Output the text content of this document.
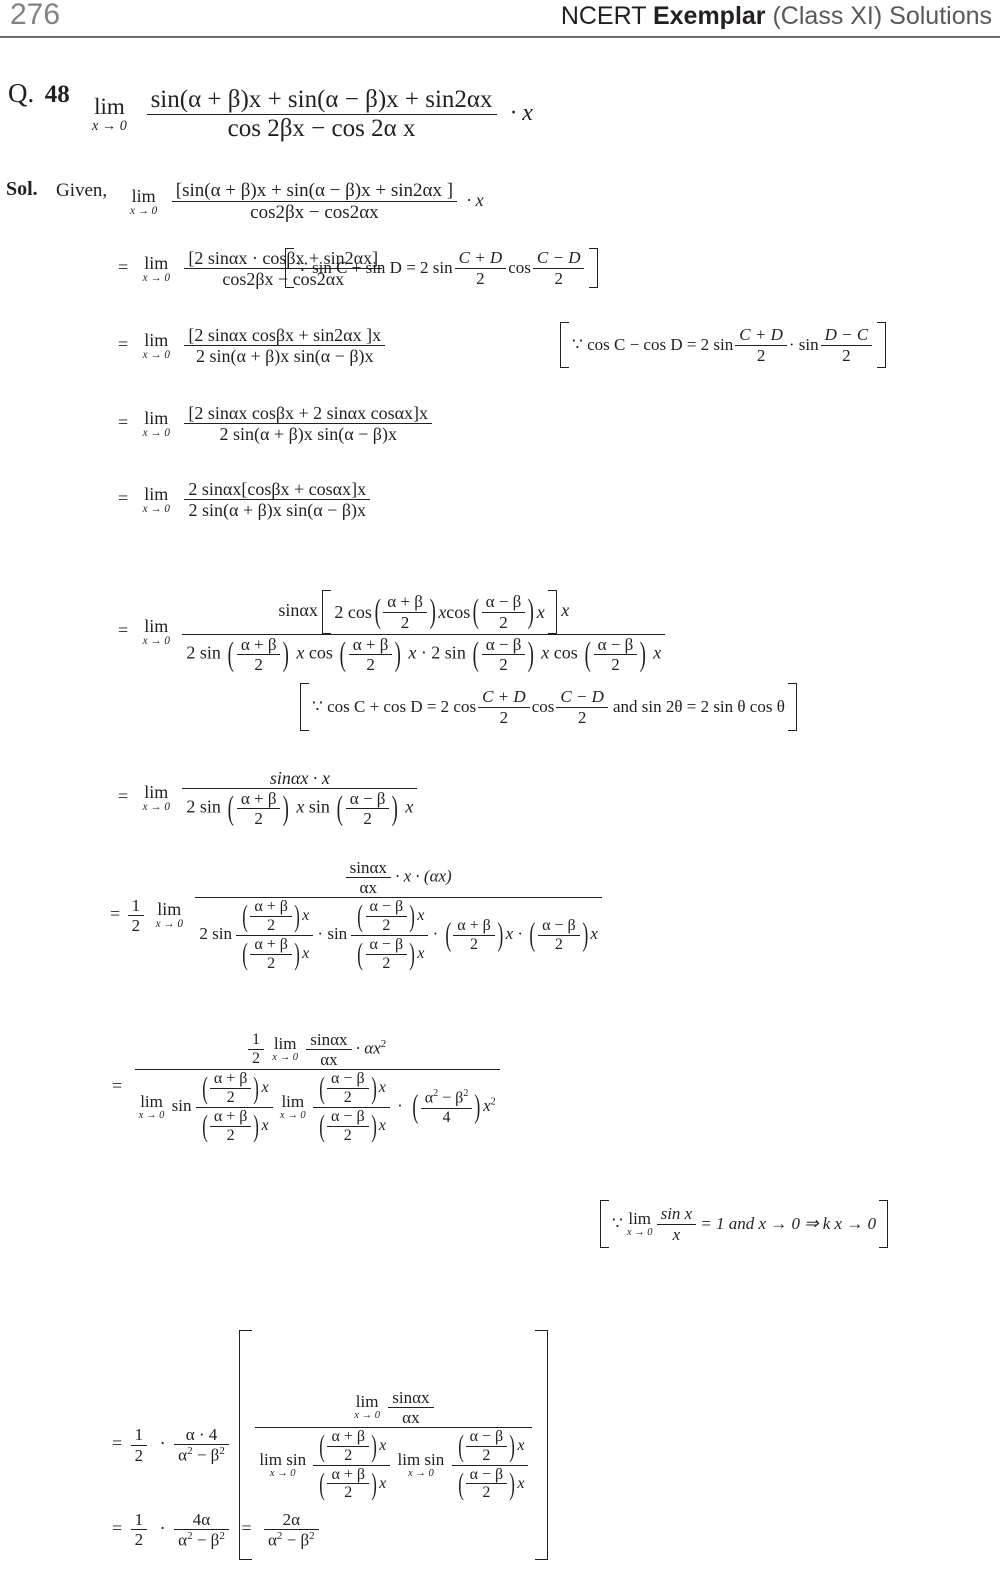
276	NCERT Exemplar (Class XI) Solutions
Q. 48 lim
x → 0
$\frac{\sin(\alpha + \beta)x + \sin(\alpha - \beta)x + \sin 2\alpha x}{\text{cos 2βx − cos 2α x}} \cdot x$
Sol. Given, lim
x → 0
$\frac{[\sin(\alpha + \beta)x + \sin(\alpha - \beta)x + \sin 2\alpha x ]}{\cos 2\beta x - \cos 2\alpha x} \cdot x$
= lim
x → 0
$\frac{[2 \sin\alpha x \cdot \cos\beta x + \sin 2\alpha x]}{\cos 2\beta x - \cos 2\alpha x}$
∵ sin C + sin D = 2 $\sin \frac{C + D}{2}$ $\cos \frac{C - D}{2}$
= lim
x → 0
$\frac{\text{[2 sinαx cosβx + sin2αx ]x}}{\text{2 sin(α + β)x sin(α − β)x}}$	∵ cos C − cos D = 2 $\sin \frac{C + D}{2} \cdot \sin \frac{D - C}{2}$
= lim
x → 0
$\frac{\text{[2 sinαx cosβx + 2 sinαx cosαx]x}}{\text{2 sin(α + β)x sin(α − β)x}}$
= lim
x → 0
$\frac{2 \sin\alpha x[\cos\beta x + \cos\alpha x]x}{\text{2 sin(α + β)x sin(α − β)x}}$
= lim
x → 0

sinαx 2 cos ( $\frac{\alpha + \beta}{2}$ ) x cos ( $\frac{\alpha - \beta}{2}$ ) x x
2 sin ( $\frac{\alpha + \beta}{2}$ ) x cos ( $\frac{\alpha + \beta}{2}$ ) x · 2 sin ( $\frac{\alpha - \beta}{2}$ ) x cos ( $\frac{\alpha - \beta}{2}$ ) x
∵ cos C + cos D = 2 $\cos \frac{C + D}{2}$ $\cos \frac{C - D}{2}$ and sin 2θ = 2 sin θ cos θ
= lim
x → 0

sinαx · x
2 sin ( $\frac{\alpha + \beta}{2}$ ) x sin ( $\frac{\alpha - \beta}{2}$ ) x
= $\frac{1}{2}$ lim
x → 0

$\frac{\sin\alpha x}{\alpha x} \cdot x \cdot (\alpha x)$
2 sin
( $\frac{\alpha + \beta}{2}$ ) x
( $\frac{\alpha + \beta}{2}$ ) x
· sin
( $\frac{\alpha - \beta}{2}$ ) x
( $\frac{\alpha - \beta}{2}$ ) x
· ( $\frac{\alpha + \beta}{2}$ ) x · ( $\frac{\alpha - \beta}{2}$ ) x
=
$\frac{1}{2}$ lim
x → 0
$\frac{\sin\alpha x}{\alpha x} \cdot \alpha x^2$
lim
x → 0
sin
( $\frac{\alpha + \beta}{2}$ ) x
( $\frac{\alpha + \beta}{2}$ ) x
lim
x → 0

( $\frac{\alpha - \beta}{2}$ ) x
( $\frac{\alpha - \beta}{2}$ ) x
· ( $\frac{\alpha^2 - \beta^2}{4}$ ) $x^2$
∵ lim
$x \to 0 \frac{\text{sin x}}{x} = 1$ and x → 0 ⇒ k x → 0
= $\frac{1}{2} \cdot \frac{\alpha \cdot 4}{\alpha^2 - \beta^2}$

lim
x → 0
$\frac{\sin\alpha x}{\alpha x}$
lim sin
x → 0

( $\frac{\alpha + \beta}{2}$ ) x
( $\frac{\alpha + \beta}{2}$ ) x
lim sin
x → 0

( $\frac{\alpha - \beta}{2}$ ) x
( $\frac{\alpha - \beta}{2}$ ) x
= $\frac{1}{2} \cdot \frac{4\alpha}{\alpha^2 - \beta^2} = \frac{2\alpha}{\alpha^2 - \beta^2}$
